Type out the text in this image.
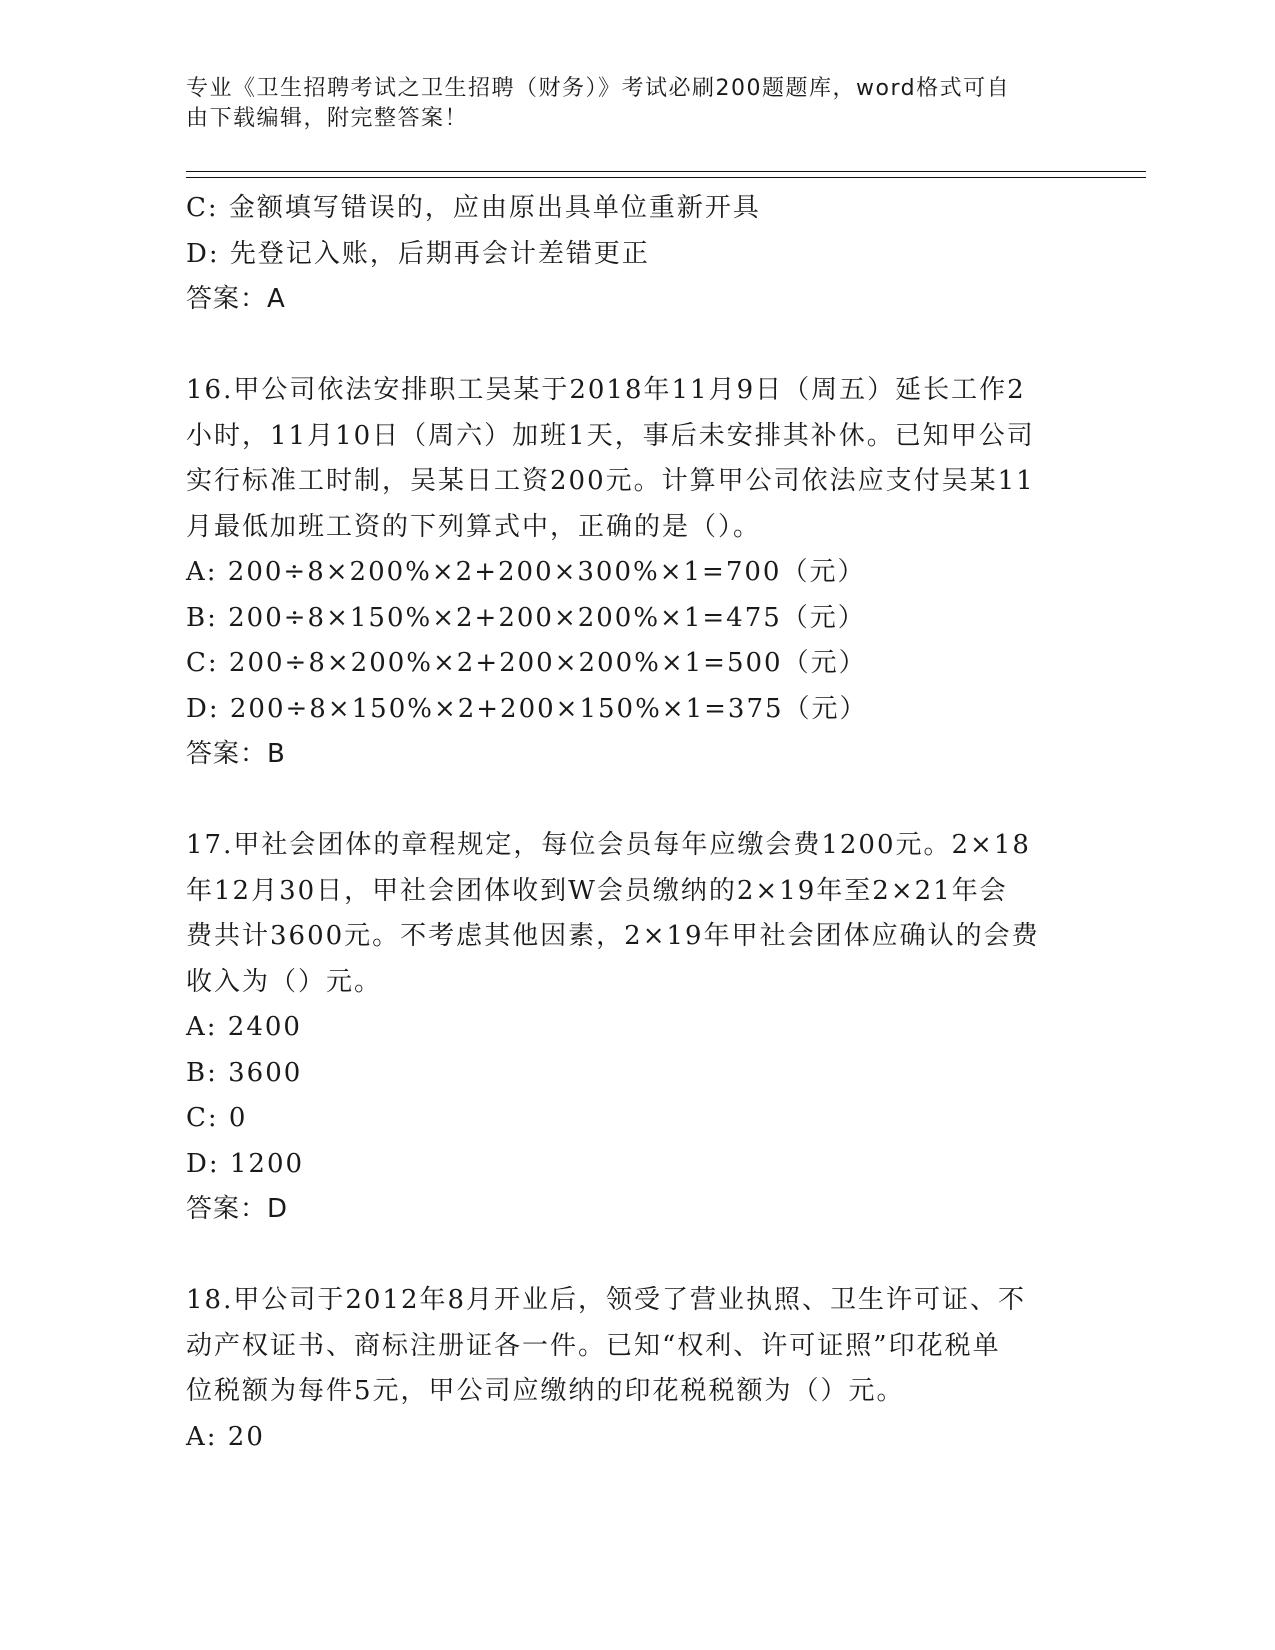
专业《卫生招聘考试之卫生招聘（财务）》考试必刷200题题库，word格式可自
由下载编辑，附完整答案！
C: 金额填写错误的，应由原出具单位重新开具
D: 先登记入账，后期再会计差错更正
答案：A
16.甲公司依法安排职工吴某于2018年11月9日（周五）延长工作2
小时，11月10日（周六）加班1天，事后未安排其补休。已知甲公司
实行标准工时制，吴某日工资200元。计算甲公司依法应支付吴某11
月最低加班工资的下列算式中，正确的是（）。
A: 200÷8×200%×2+200×300%×1=700（元）
B: 200÷8×150%×2+200×200%×1=475（元）
C: 200÷8×200%×2+200×200%×1=500（元）
D: 200÷8×150%×2+200×150%×1=375（元）
答案：B
17.甲社会团体的章程规定，每位会员每年应缴会费1200元。2×18
年12月30日，甲社会团体收到W会员缴纳的2×19年至2×21年会
费共计3600元。不考虑其他因素，2×19年甲社会团体应确认的会费
收入为（）元。
A: 2400
B: 3600
C: 0
D: 1200
答案：D
18.甲公司于2012年8月开业后，领受了营业执照、卫生许可证、不
动产权证书、商标注册证各一件。已知“权利、许可证照”印花税单
位税额为每件5元，甲公司应缴纳的印花税税额为（）元。
A: 20
